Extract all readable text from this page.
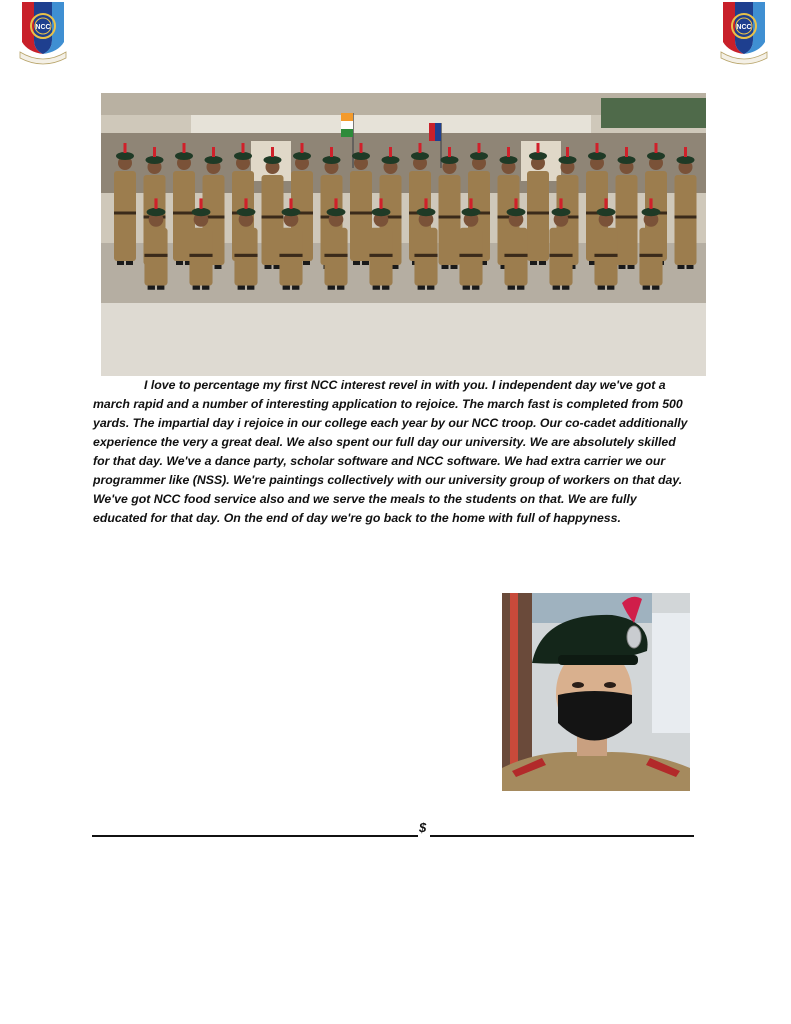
NCC	NCC

I love to percentage my first NCC interest revel in with you. I independent day we've got a march rapid and a number of interesting application to rejoice. The march fast is completed from 500 yards. The impartial day i rejoice in our college each year by our NCC troop. Our co-cadet additionally experience the very a great deal. We also spent our full day our university. We are absolutely skilled for that day. We've a dance party, scholar software and NCC software. We had extra carrier we our programmer like (NSS). We're paintings collectively with our university group of workers on that day. We've got NCC food service also and we serve the meals to the students on that. We are fully educated for that day. On the end of day we're go back to the home with full of happyness.

$
